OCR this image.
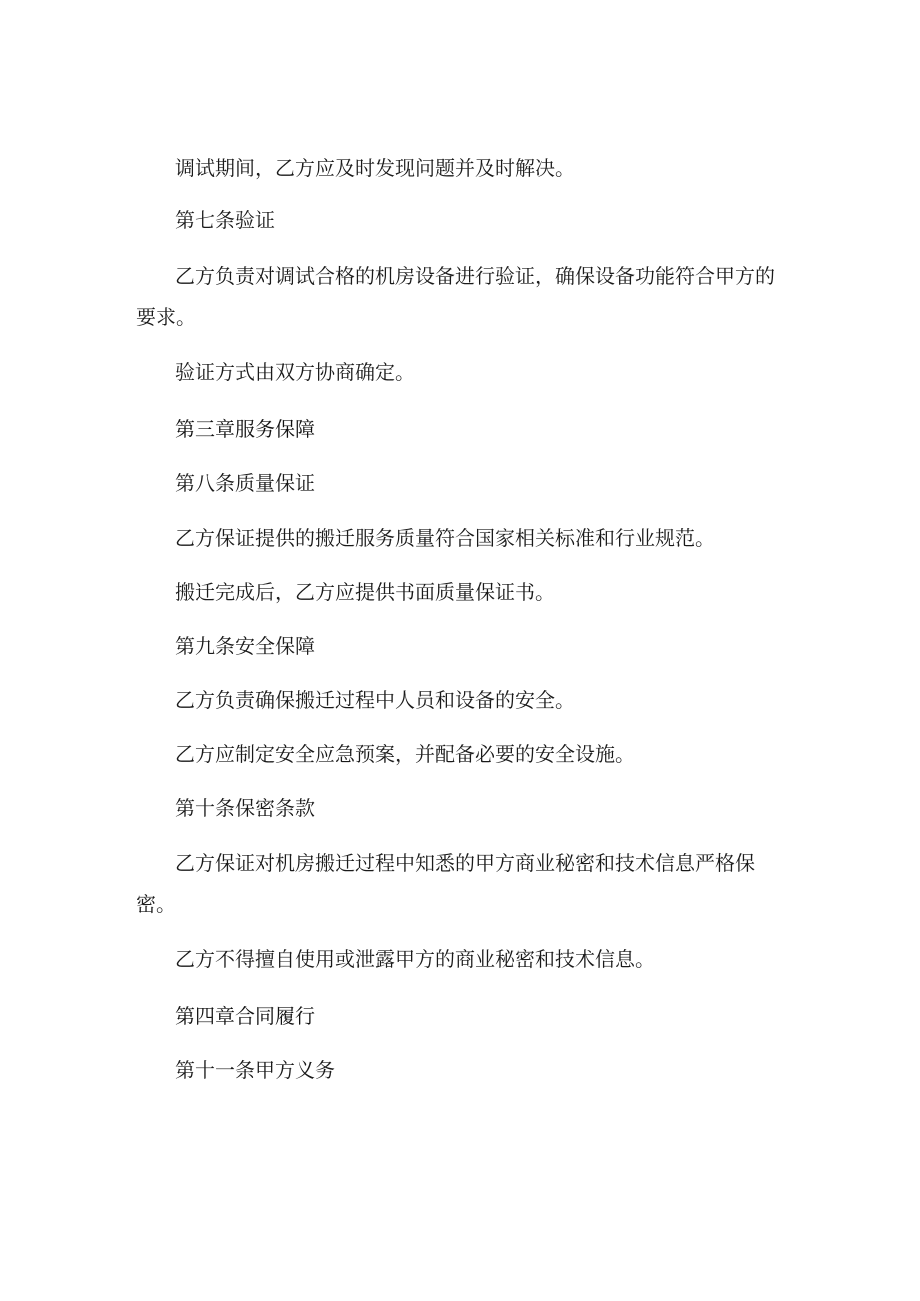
调试期间，乙方应及时发现问题并及时解决。

第七条验证

乙方负责对调试合格的机房设备进行验证，确保设备功能符合甲方的要求。

验证方式由双方协商确定。

第三章服务保障

第八条质量保证

乙方保证提供的搬迁服务质量符合国家相关标准和行业规范。

搬迁完成后，乙方应提供书面质量保证书。

第九条安全保障

乙方负责确保搬迁过程中人员和设备的安全。

乙方应制定安全应急预案，并配备必要的安全设施。

第十条保密条款

乙方保证对机房搬迁过程中知悉的甲方商业秘密和技术信息严格保密。

乙方不得擅自使用或泄露甲方的商业秘密和技术信息。

第四章合同履行

第十一条甲方义务
